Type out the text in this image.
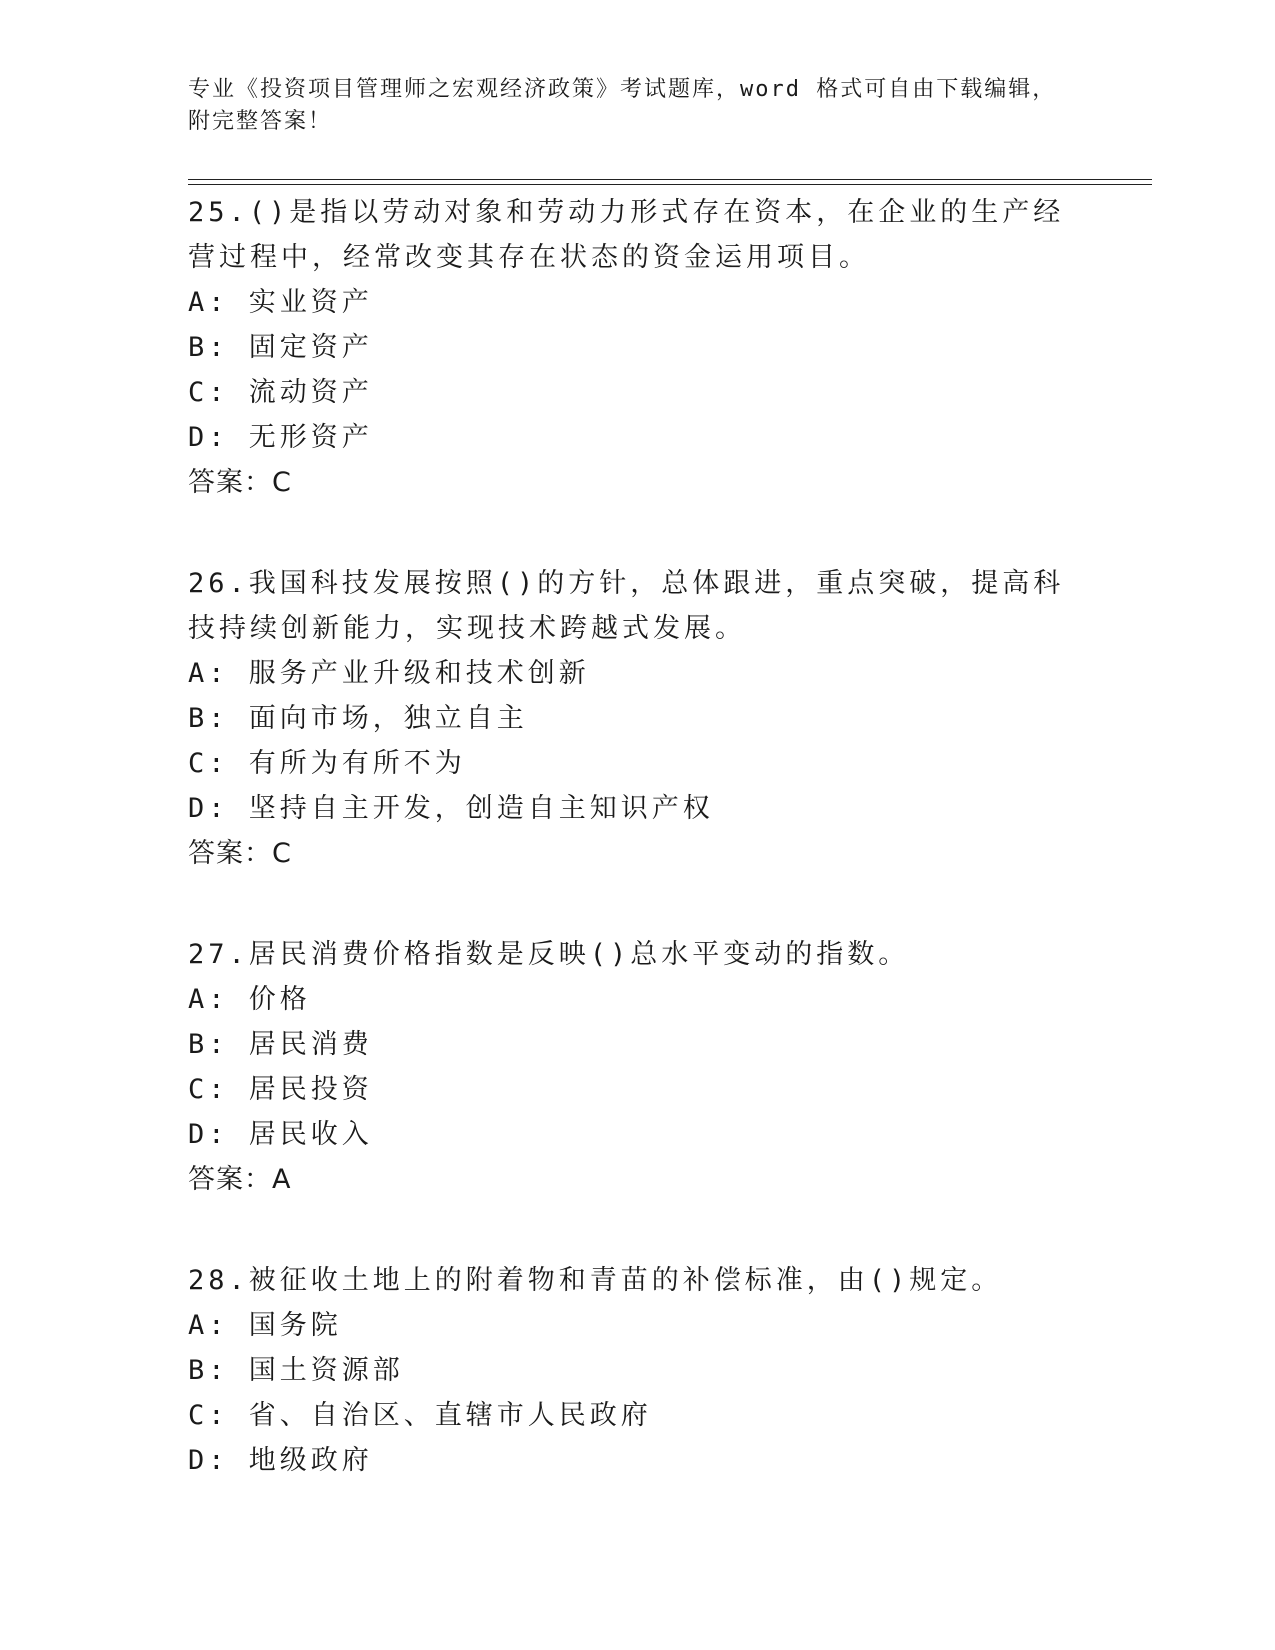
专业《投资项目管理师之宏观经济政策》考试题库，word 格式可自由下载编辑，
附完整答案！
25.()是指以劳动对象和劳动力形式存在资本，在企业的生产经营过程中，经常改变其存在状态的资金运用项目。
A: 实业资产
B: 固定资产
C: 流动资产
D: 无形资产
答案：C
26.我国科技发展按照()的方针，总体跟进，重点突破，提高科技持续创新能力，实现技术跨越式发展。
A: 服务产业升级和技术创新
B: 面向市场，独立自主
C: 有所为有所不为
D: 坚持自主开发，创造自主知识产权
答案：C
27.居民消费价格指数是反映()总水平变动的指数。
A: 价格
B: 居民消费
C: 居民投资
D: 居民收入
答案：A
28.被征收土地上的附着物和青苗的补偿标准，由()规定。
A: 国务院
B: 国土资源部
C: 省、自治区、直辖市人民政府
D: 地级政府
